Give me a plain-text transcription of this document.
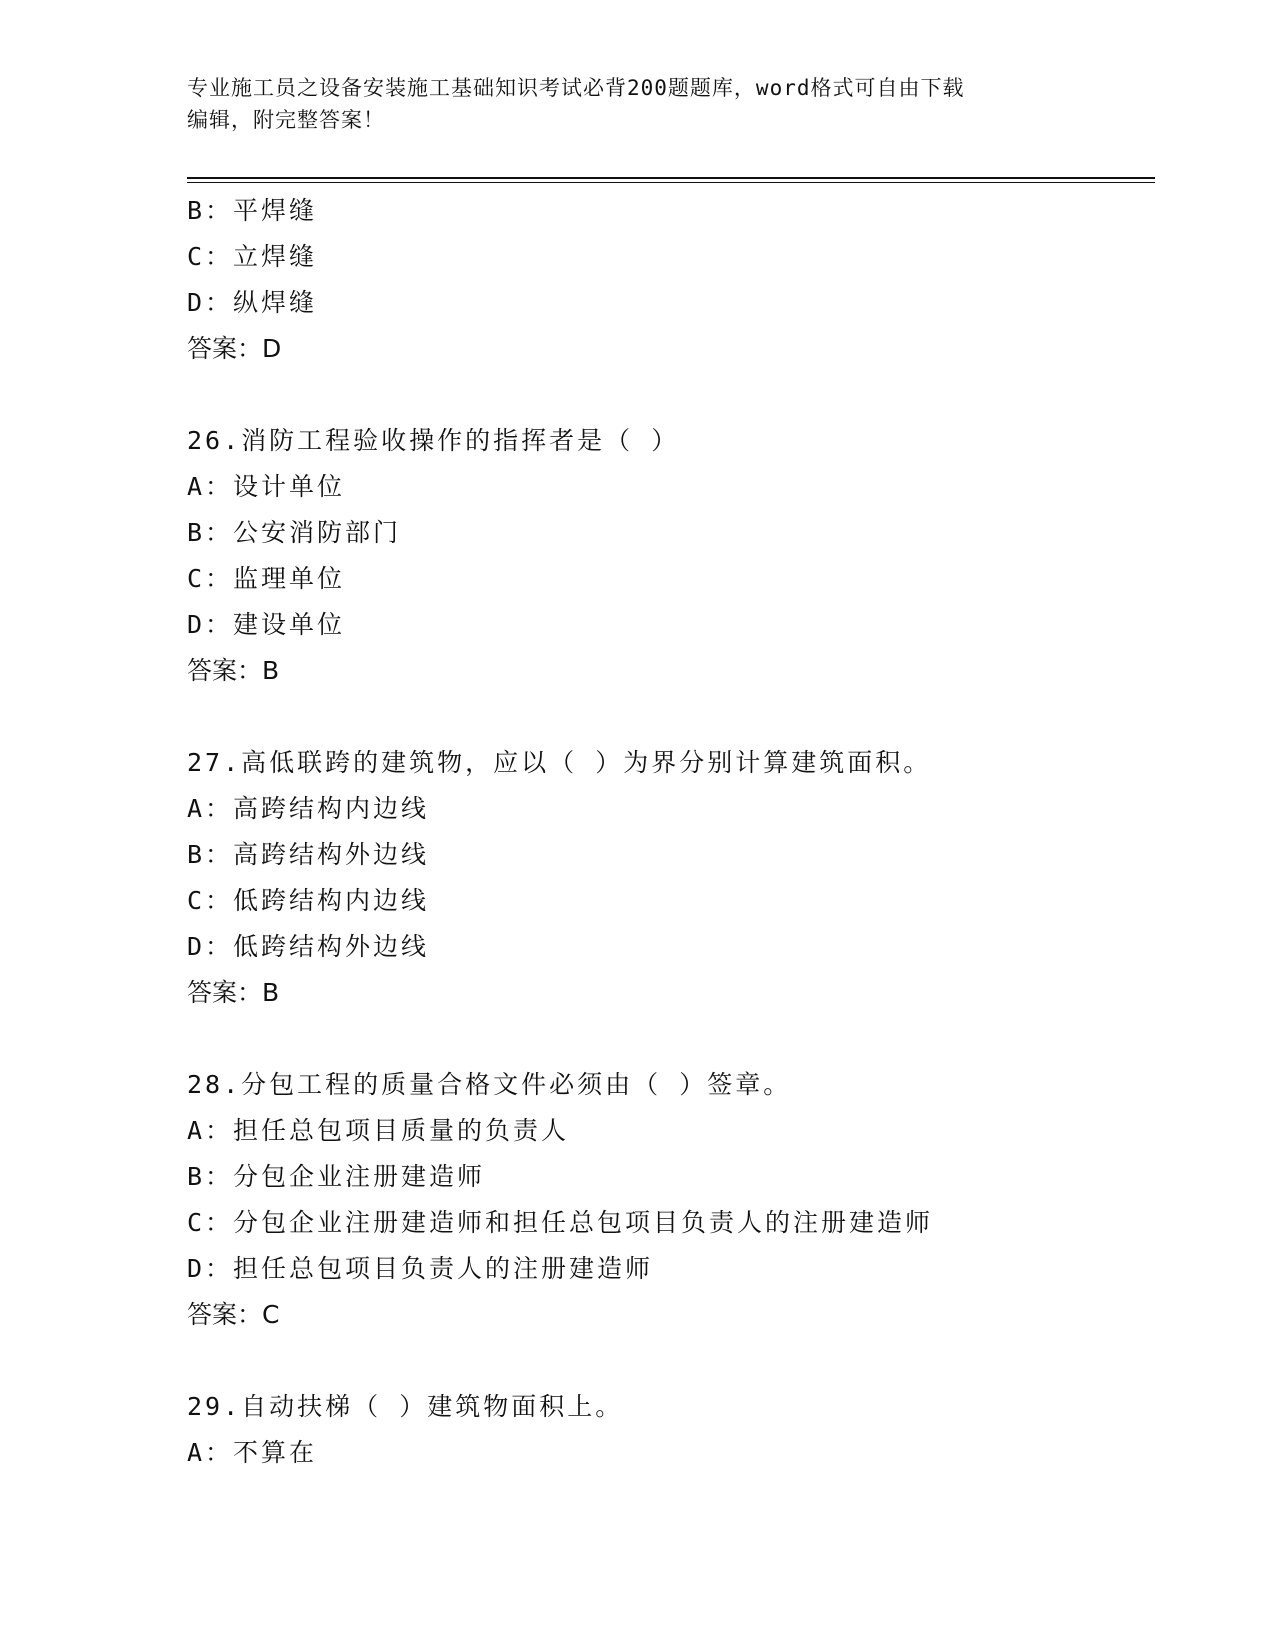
专业施工员之设备安装施工基础知识考试必背200题题库，word格式可自由下载
编辑，附完整答案！
B：平焊缝
C：立焊缝
D：纵焊缝
答案：D
26.消防工程验收操作的指挥者是（ ）
A：设计单位
B：公安消防部门
C：监理单位
D：建设单位
答案：B
27.高低联跨的建筑物，应以（ ）为界分别计算建筑面积。
A：高跨结构内边线
B：高跨结构外边线
C：低跨结构内边线
D：低跨结构外边线
答案：B
28.分包工程的质量合格文件必须由（ ）签章。
A：担任总包项目质量的负责人
B：分包企业注册建造师
C：分包企业注册建造师和担任总包项目负责人的注册建造师
D：担任总包项目负责人的注册建造师
答案：C
29.自动扶梯（ ）建筑物面积上。
A：不算在
